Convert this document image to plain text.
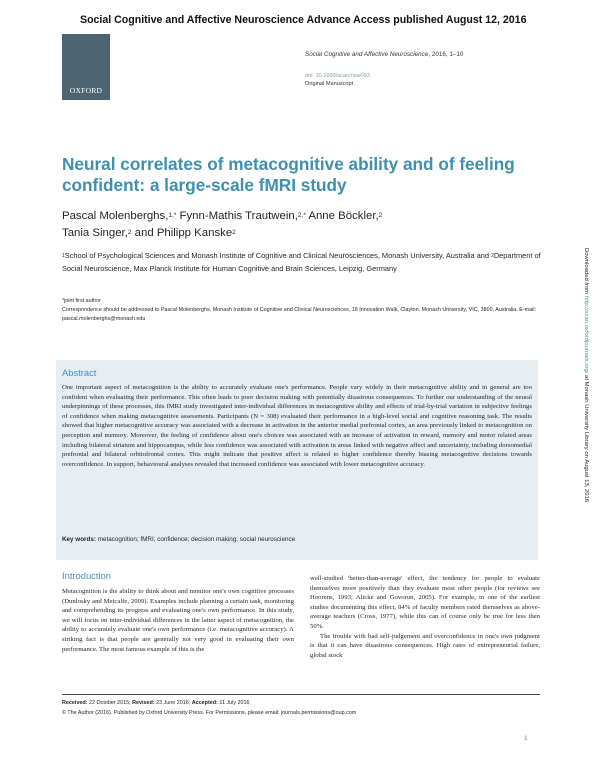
Social Cognitive and Affective Neuroscience Advance Access published August 12, 2016
OXFORD
Social Cognitive and Affective Neuroscience, 2016, 1–10
doi: 10.1093/scan/nsw093
Original Manuscript
Neural correlates of metacognitive ability and of feeling confident: a large-scale fMRI study
Pascal Molenberghs,$^{1,*}$ Fynn-Mathis Trautwein,$^{2,*}$ Anne Böckler,$^2$
Tania Singer,$^2$ and Philipp Kanske$^2$
$^1$School of Psychological Sciences and Monash Institute of Cognitive and Clinical Neurosciences, Monash University, Australia and $^2$Department of Social Neuroscience, Max Planck Institute for Human Cognitive and Brain Sciences, Leipzig, Germany
*joint first author
Correspondence should be addressed to Pascal Molenberghs, Monash Institute of Cognitive and Clinical Neurosciences, 18 Innovation Walk, Clayton, Monash University, VIC, 3800, Australia. E-mail: pascal.molenberghs@monash.edu
Abstract
One important aspect of metacognition is the ability to accurately evaluate one's performance. People vary widely in their metacognitive ability and in general are too confident when evaluating their performance. This often leads to poor decision making with potentially disastrous consequences. To further our understanding of the neural underpinnings of these processes, this fMRI study investigated inter-individual differences in metacognitive ability and effects of trial-by-trial variation in subjective feelings of confidence when making metacognitive assessments. Participants (N = 308) evaluated their performance in a high-level social and cognitive reasoning task. The results showed that higher metacognitive accuracy was associated with a decrease in activation in the anterior medial prefrontal cortex, an area previously linked to metacognition on perception and memory. Moreover, the feeling of confidence about one's choices was associated with an increase of activation in reward, memory and motor related areas including bilateral striatum and hippocampus, while less confidence was associated with activation in areas linked with negative affect and uncertainty, including dorsomedial prefrontal and bilateral orbitofrontal cortex. This might indicate that positive affect is related to higher confidence thereby biasing metacognitive decisions towards overconfidence. In support, behavioural analyses revealed that increased confidence was associated with lower metacognitive accuracy.
Key words: metacognition; fMRI; confidence; decision making; social neuroscience
Introduction

Metacognition is the ability to think about and monitor one's own cognitive processes (Dunlosky and Metcalfe, 2009). Examples include planning a certain task, monitoring and comprehending its progress and evaluating one's own performance. In this study, we will focus on inter-individual differences in the latter aspect of metacognition, the ability to accurately evaluate one's own performance (i.e. metacognitive accuracy). A striking fact is that people are generally not very good in evaluating their own performance. The most famous example of this is the

well-studied 'better-than-average' effect, the tendency for people to evaluate themselves more positively than they evaluate most other people (for reviews see Hoorens, 1993; Alicke and Govorun, 2005). For example, in one of the earliest studies documenting this effect, 94% of faculty members rated themselves as above-average teachers (Cross, 1977), while this can of course only be true for less then 50%.

The trouble with bad self-judgement and overconfidence in one's own judgment is that it can have disastrous consequences. High rates of entrepreneurial failure, global stock

Received: 22 October 2015; Revised: 23 June 2016; Accepted: 11 July 2016
© The Author (2016). Published by Oxford University Press. For Permissions, please email: journals.permissions@oup.com
1
Downloaded from http://scan.oxfordjournals.org/ at Monash University Library on August 13, 2016
